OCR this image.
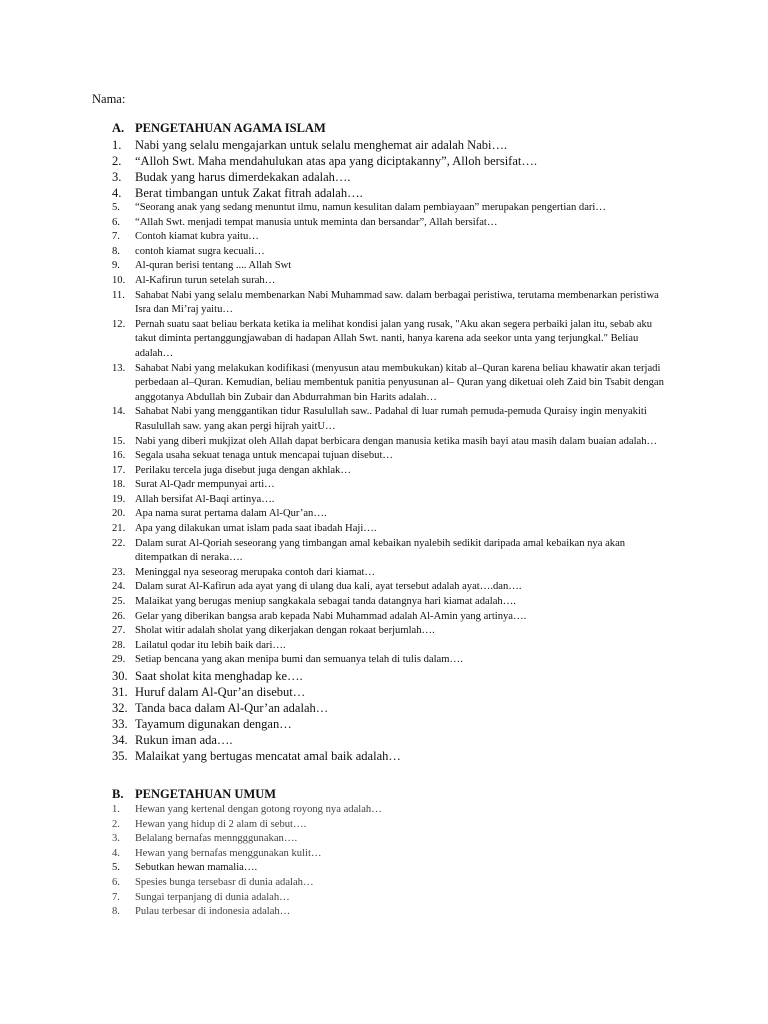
Nama:
A. PENGETAHUAN AGAMA ISLAM
1.	Nabi yang selalu mengajarkan untuk selalu menghemat air adalah Nabi….
2.	“Alloh Swt. Maha mendahulukan atas apa yang diciptakanny”, Alloh bersifat….
3.	Budak yang harus dimerdekakan adalah….
4.	Berat timbangan untuk Zakat fitrah adalah….
5.	“Seorang anak yang sedang menuntut ilmu, namun kesulitan dalam pembiayaan” merupakan pengertian dari…
6.	“Allah Swt. menjadi tempat manusia untuk meminta dan bersandar”, Allah bersifat…
7.	Contoh kiamat kubra yaitu…
8.	contoh kiamat sugra kecuali…
9.	Al-quran berisi tentang .... Allah Swt
10. Al-Kafirun turun setelah surah…
11. Sahabat Nabi yang selalu membenarkan Nabi Muhammad saw. dalam berbagai peristiwa, terutama membenarkan peristiwa Isra dan Mi’raj yaitu…
12. Pernah suatu saat beliau berkata ketika ia melihat kondisi jalan yang rusak, "Aku akan segera perbaiki jalan itu, sebab aku takut diminta pertanggungjawaban di hadapan Allah Swt. nanti, hanya karena ada seekor unta yang terjungkal." Beliau adalah…
13. Sahabat Nabi yang melakukan kodifikasi (menyusun atau membukukan) kitab al–Quran karena beliau khawatir akan terjadi perbedaan al–Quran. Kemudian, beliau membentuk panitia penyusunan al– Quran yang diketuai oleh Zaid bin Tsabit dengan anggotanya Abdullah bin Zubair dan Abdurrahman bin Harits adalah…
14. Sahabat Nabi yang menggantikan tidur Rasulullah saw.. Padahal di luar rumah pemuda-pemuda Quraisy ingin menyakiti Rasulullah saw. yang akan pergi hijrah yaitU…
15. Nabi yang diberi mukjizat oleh Allah dapat berbicara dengan manusia ketika masih bayi atau masih dalam buaian adalah…
16. Segala usaha sekuat tenaga untuk mencapai tujuan disebut…
17. Perilaku tercela juga disebut juga dengan akhlak…
18. Surat Al-Qadr mempunyai arti…
19. Allah bersifat Al-Baqi artinya….
20. Apa nama surat pertama dalam Al-Qur’an….
21. Apa yang dilakukan umat islam pada saat ibadah Haji….
22. Dalam surat Al-Qoriah seseorang yang timbangan amal kebaikan nyalebih sedikit daripada amal kebaikan nya akan ditempatkan di neraka….
23. Meninggal nya seseorag merupaka contoh dari kiamat…
24. Dalam surat Al-Kafirun ada ayat yang di ulang dua kali, ayat tersebut adalah ayat….dan….
25. Malaikat yang berugas meniup sangkakala sebagai tanda datangnya hari kiamat adalah….
26. Gelar yang diberikan bangsa arab kepada Nabi Muhammad adalah Al-Amin yang artinya….
27. Sholat witir adalah sholat yang dikerjakan dengan rokaat berjumlah….
28. Lailatul qodar itu lebih baik dari….
29. Setiap bencana yang akan menipa bumi dan semuanya telah di tulis dalam….
30. Saat sholat kita menghadap ke….
31. Huruf dalam Al-Qur’an disebut…
32. Tanda baca dalam Al-Qur’an adalah…
33. Tayamum digunakan dengan…
34. Rukun iman ada….
35. Malaikat yang bertugas mencatat amal baik adalah…
B. PENGETAHUAN UMUM
1.	Hewan yang kertenal dengan gotong royong nya adalah…
2.	Hewan yang hidup di 2 alam di sebut….
3.	Belalang bernafas menngggunakan….
4.	Hewan yang bernafas menggunakan kulit…
5.	Sebutkan hewan mamalia….
6.	Spesies bunga tersebasr di dunia adalah…
7.	Sungai terpanjang di dunia adalah…
8.	Pulau terbesar di indonesia adalah…
